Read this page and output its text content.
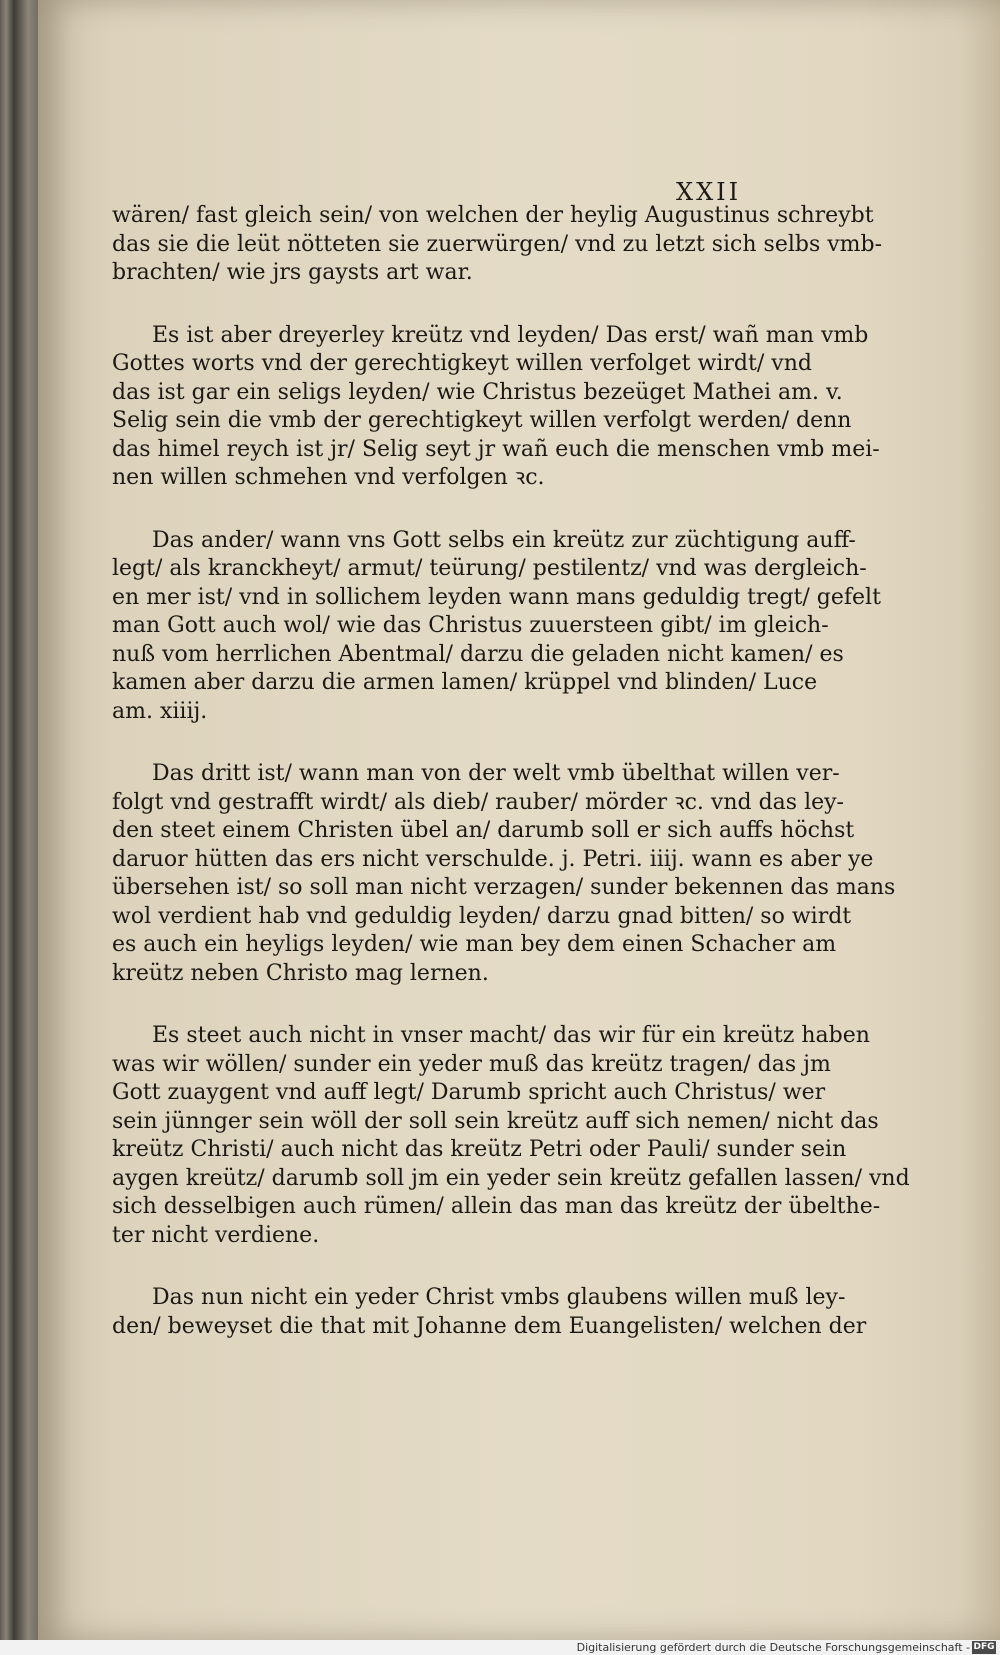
XXII

wären/ fast gleich sein/ von welchen der heylig Augustinus schreybt
das sie die leüt nötteten sie zuerwürgen/ vnd zu letzt sich selbs vmb-
brachten/ wie jrs gaysts art war.
Es ist aber dreyerley kreütz vnd leyden/ Das erst/ wañ man vmb
Gottes worts vnd der gerechtigkeyt willen verfolget wirdt/ vnd
das ist gar ein seligs leyden/ wie Christus bezeüget Mathei am. v.
Selig sein die vmb der gerechtigkeyt willen verfolgt werden/ denn
das himel reych ist jr/ Selig seyt jr wañ euch die menschen vmb mei-
nen willen schmehen vnd verfolgen ꝛc.
Das ander/ wann vns Gott selbs ein kreütz zur züchtigung auff-
legt/ als kranckheyt/ armut/ teürung/ pestilentz/ vnd was dergleich-
en mer ist/ vnd in sollichem leyden wann mans geduldig tregt/ gefelt
man Gott auch wol/ wie das Christus zuuersteen gibt/ im gleich-
nuß vom herrlichen Abentmal/ darzu die geladen nicht kamen/ es
kamen aber darzu die armen lamen/ krüppel vnd blinden/ Luce
am. xiiij.
Das dritt ist/ wann man von der welt vmb übelthat willen ver-
folgt vnd gestrafft wirdt/ als dieb/ rauber/ mörder ꝛc. vnd das ley-
den steet einem Christen übel an/ darumb soll er sich auffs höchst
daruor hütten das ers nicht verschulde. j. Petri. iiij. wann es aber ye
übersehen ist/ so soll man nicht verzagen/ sunder bekennen das mans
wol verdient hab vnd geduldig leyden/ darzu gnad bitten/ so wirdt
es auch ein heyligs leyden/ wie man bey dem einen Schacher am
kreütz neben Christo mag lernen.
Es steet auch nicht in vnser macht/ das wir für ein kreütz haben
was wir wöllen/ sunder ein yeder muß das kreütz tragen/ das jm
Gott zuaygent vnd auff legt/ Darumb spricht auch Christus/ wer
sein jünnger sein wöll der soll sein kreütz auff sich nemen/ nicht das
kreütz Christi/ auch nicht das kreütz Petri oder Pauli/ sunder sein
aygen kreütz/ darumb soll jm ein yeder sein kreütz gefallen lassen/ vnd
sich desselbigen auch rümen/ allein das man das kreütz der übelthe-
ter nicht verdiene.
Das nun nicht ein yeder Christ vmbs glaubens willen muß ley-
den/ beweyset die that mit Johanne dem Euangelisten/ welchen der

Digitalisierung gefördert durch die Deutsche Forschungsgemeinschaft - DFG
